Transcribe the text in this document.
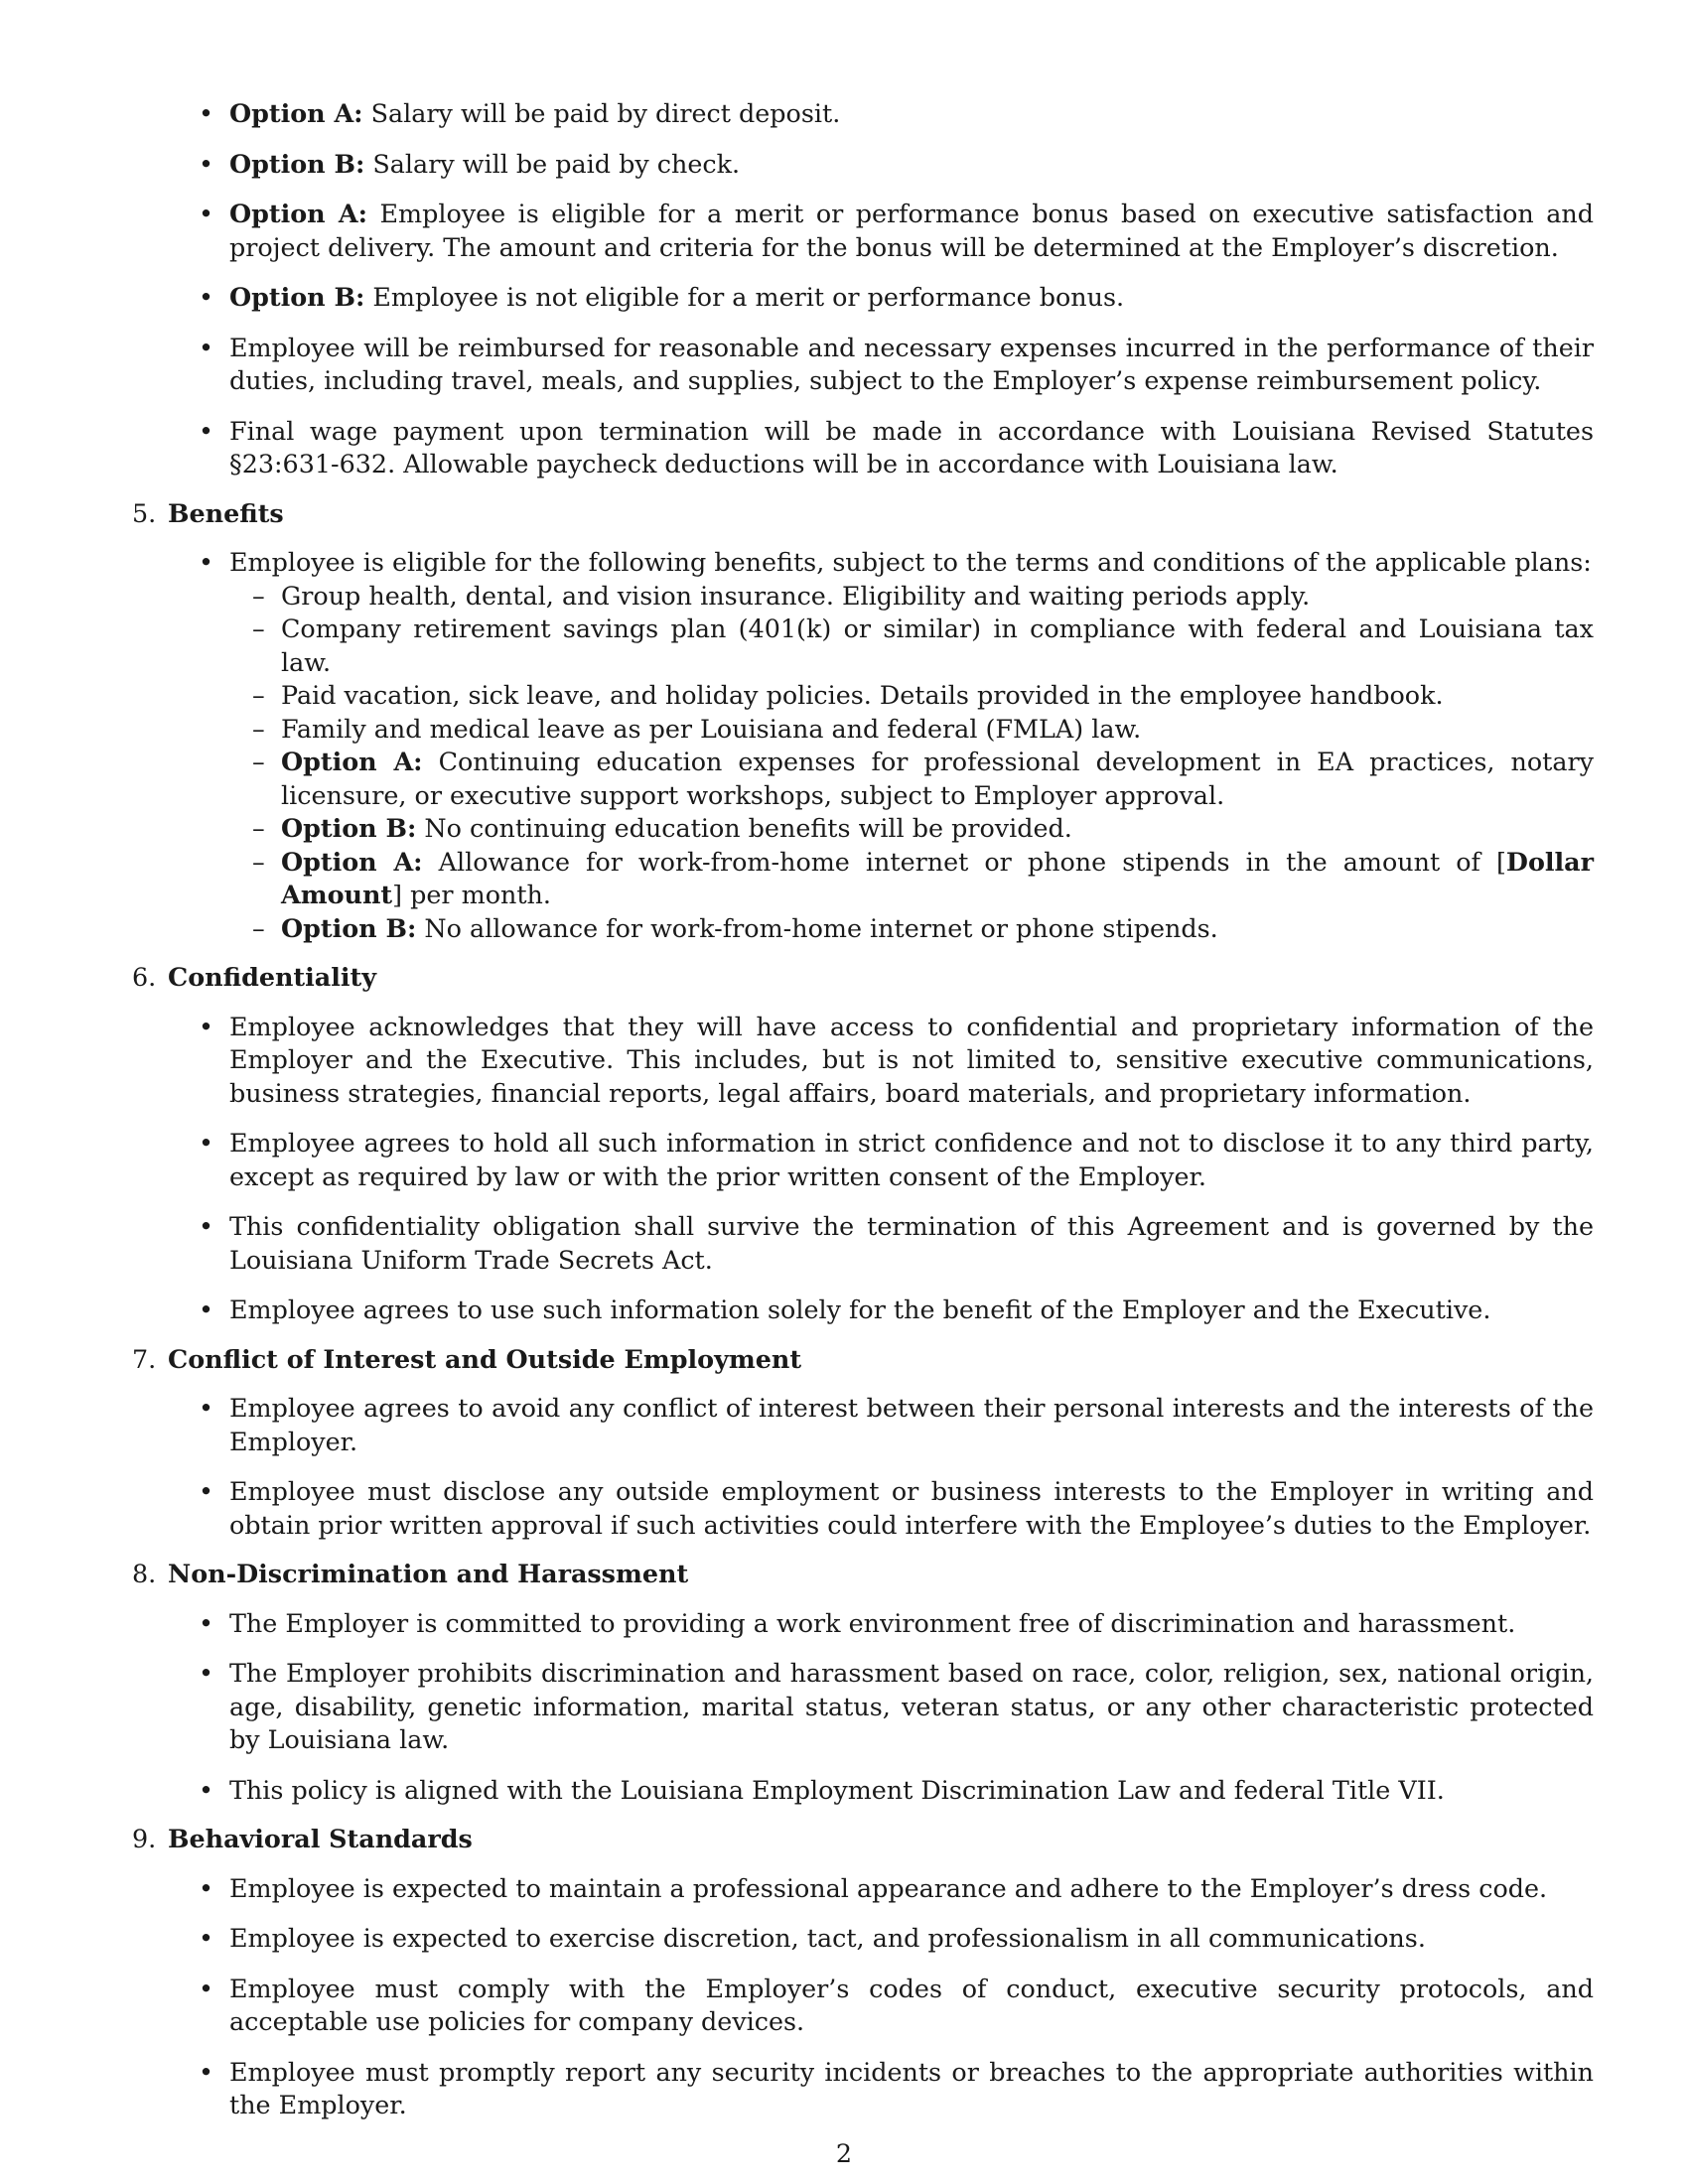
• Option A: Salary will be paid by direct deposit.
• Option B: Salary will be paid by check.
• Option A: Employee is eligible for a merit or performance bonus based on executive satisfaction and project delivery. The amount and criteria for the bonus will be determined at the Employer’s discretion.
• Option B: Employee is not eligible for a merit or performance bonus.
• Employee will be reimbursed for reasonable and necessary expenses incurred in the performance of their duties, including travel, meals, and supplies, subject to the Employer’s expense reimbursement policy.
• Final wage payment upon termination will be made in accordance with Louisiana Revised Statutes §23:631-632. Allowable paycheck deductions will be in accordance with Louisiana law.
5. Benefits
• Employee is eligible for the following benefits, subject to the terms and conditions of the applicable plans:
– Group health, dental, and vision insurance. Eligibility and waiting periods apply.
– Company retirement savings plan (401(k) or similar) in compliance with federal and Louisiana tax law.
– Paid vacation, sick leave, and holiday policies. Details provided in the employee handbook.
– Family and medical leave as per Louisiana and federal (FMLA) law.
– Option A: Continuing education expenses for professional development in EA practices, notary licensure, or executive support workshops, subject to Employer approval.
– Option B: No continuing education benefits will be provided.
– Option A: Allowance for work-from-home internet or phone stipends in the amount of [Dollar Amount] per month.
– Option B: No allowance for work-from-home internet or phone stipends.
6. Confidentiality
• Employee acknowledges that they will have access to confidential and proprietary information of the Employer and the Executive. This includes, but is not limited to, sensitive executive communications, business strategies, financial reports, legal affairs, board materials, and proprietary information.
• Employee agrees to hold all such information in strict confidence and not to disclose it to any third party, except as required by law or with the prior written consent of the Employer.
• This confidentiality obligation shall survive the termination of this Agreement and is governed by the Louisiana Uniform Trade Secrets Act.
• Employee agrees to use such information solely for the benefit of the Employer and the Executive.
7. Conflict of Interest and Outside Employment
• Employee agrees to avoid any conflict of interest between their personal interests and the interests of the Employer.
• Employee must disclose any outside employment or business interests to the Employer in writing and obtain prior written approval if such activities could interfere with the Employee’s duties to the Employer.
8. Non-Discrimination and Harassment
• The Employer is committed to providing a work environment free of discrimination and harassment.
• The Employer prohibits discrimination and harassment based on race, color, religion, sex, national origin, age, disability, genetic information, marital status, veteran status, or any other characteristic protected by Louisiana law.
• This policy is aligned with the Louisiana Employment Discrimination Law and federal Title VII.
9. Behavioral Standards
• Employee is expected to maintain a professional appearance and adhere to the Employer’s dress code.
• Employee is expected to exercise discretion, tact, and professionalism in all communications.
• Employee must comply with the Employer’s codes of conduct, executive security protocols, and acceptable use policies for company devices.
• Employee must promptly report any security incidents or breaches to the appropriate authorities within the Employer.
2
